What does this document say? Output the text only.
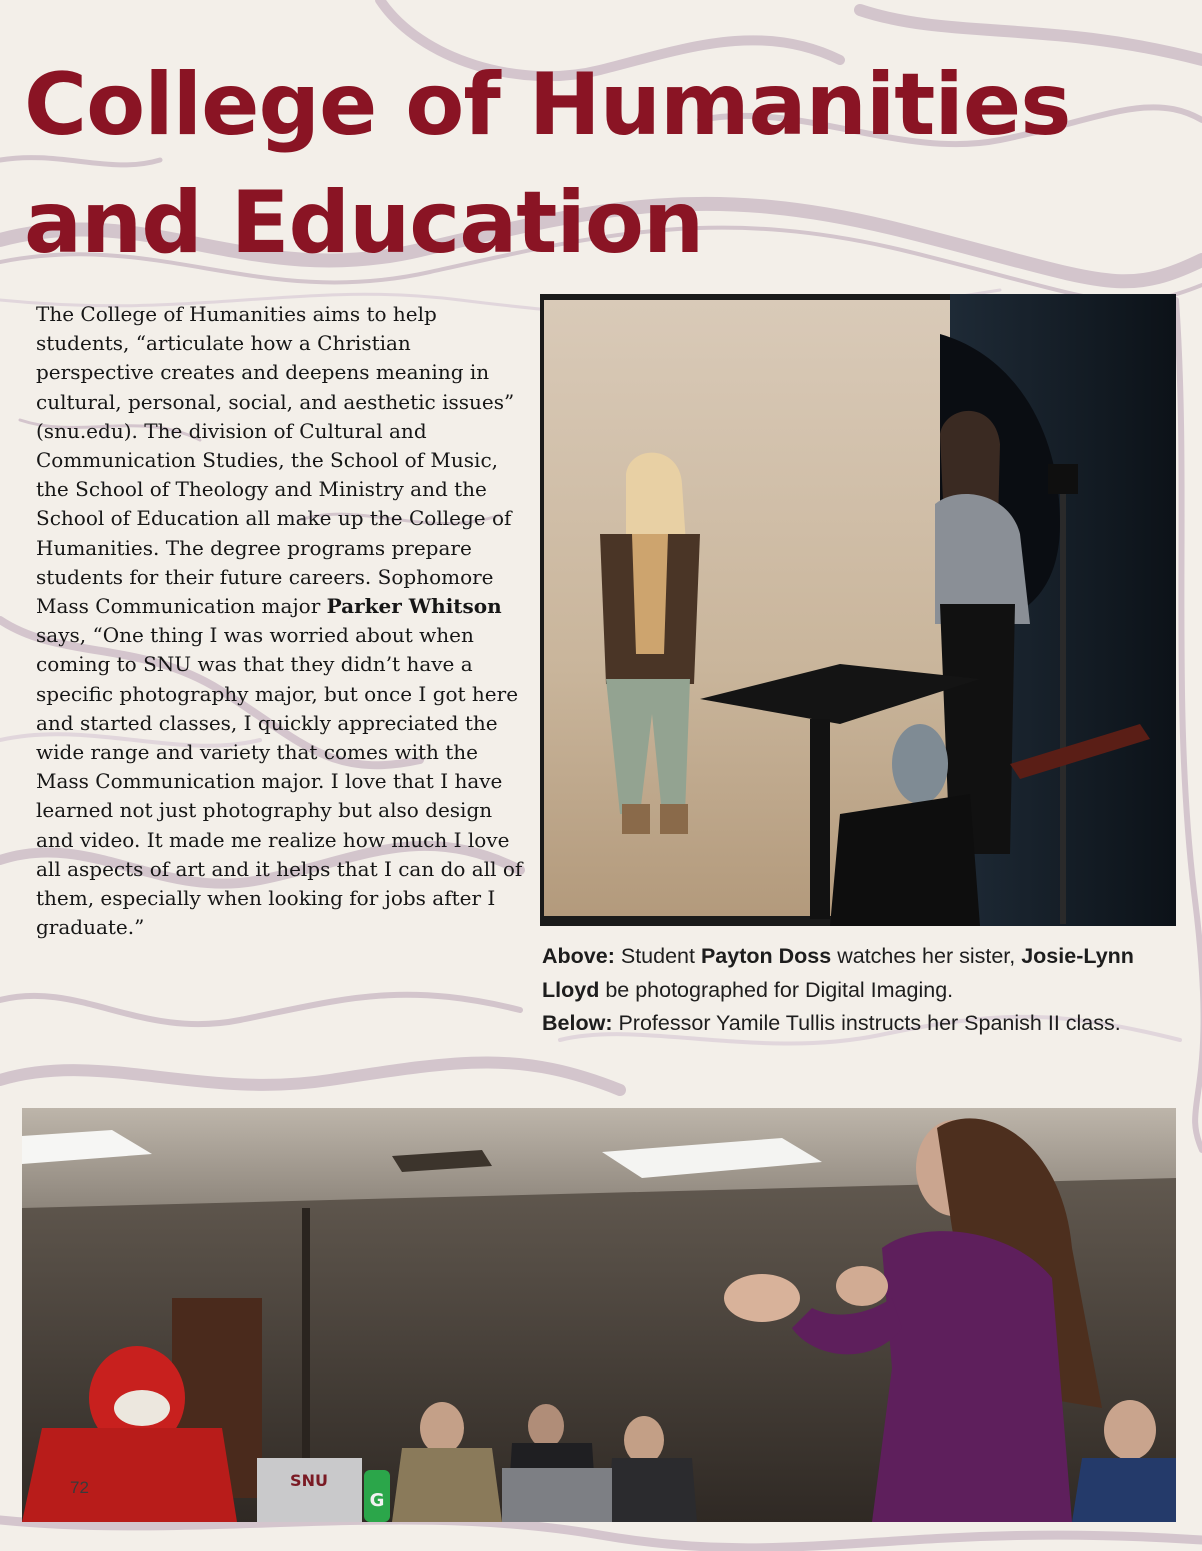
College of Humanities
and Education
The College of Humanities aims to help students, “articulate how a Christian perspective creates and deepens meaning in cultural, personal, social, and aesthetic issues” (snu.edu). The division of Cultural and Communication Studies, the School of Music, the School of Theology and Ministry and the School of Education all make up the College of Humanities. The degree programs prepare students for their future careers. Sophomore Mass Communication major Parker Whitson says, “One thing I was worried about when coming to SNU was that they didn’t have a specific photography major, but once I got here and started classes, I quickly appreciated the wide range and variety that comes with the Mass Communication major. I love that I have learned not just photography but also design and video. It made me realize how much I love all aspects of art and it helps that I can do all of them, especially when looking for jobs after I graduate.”

Above: Student Payton Doss watches her sister, Josie-Lynn Lloyd be photographed for Digital Imaging.

Below: Professor Yamile Tullis instructs her Spanish II class.

SNU
G
72
